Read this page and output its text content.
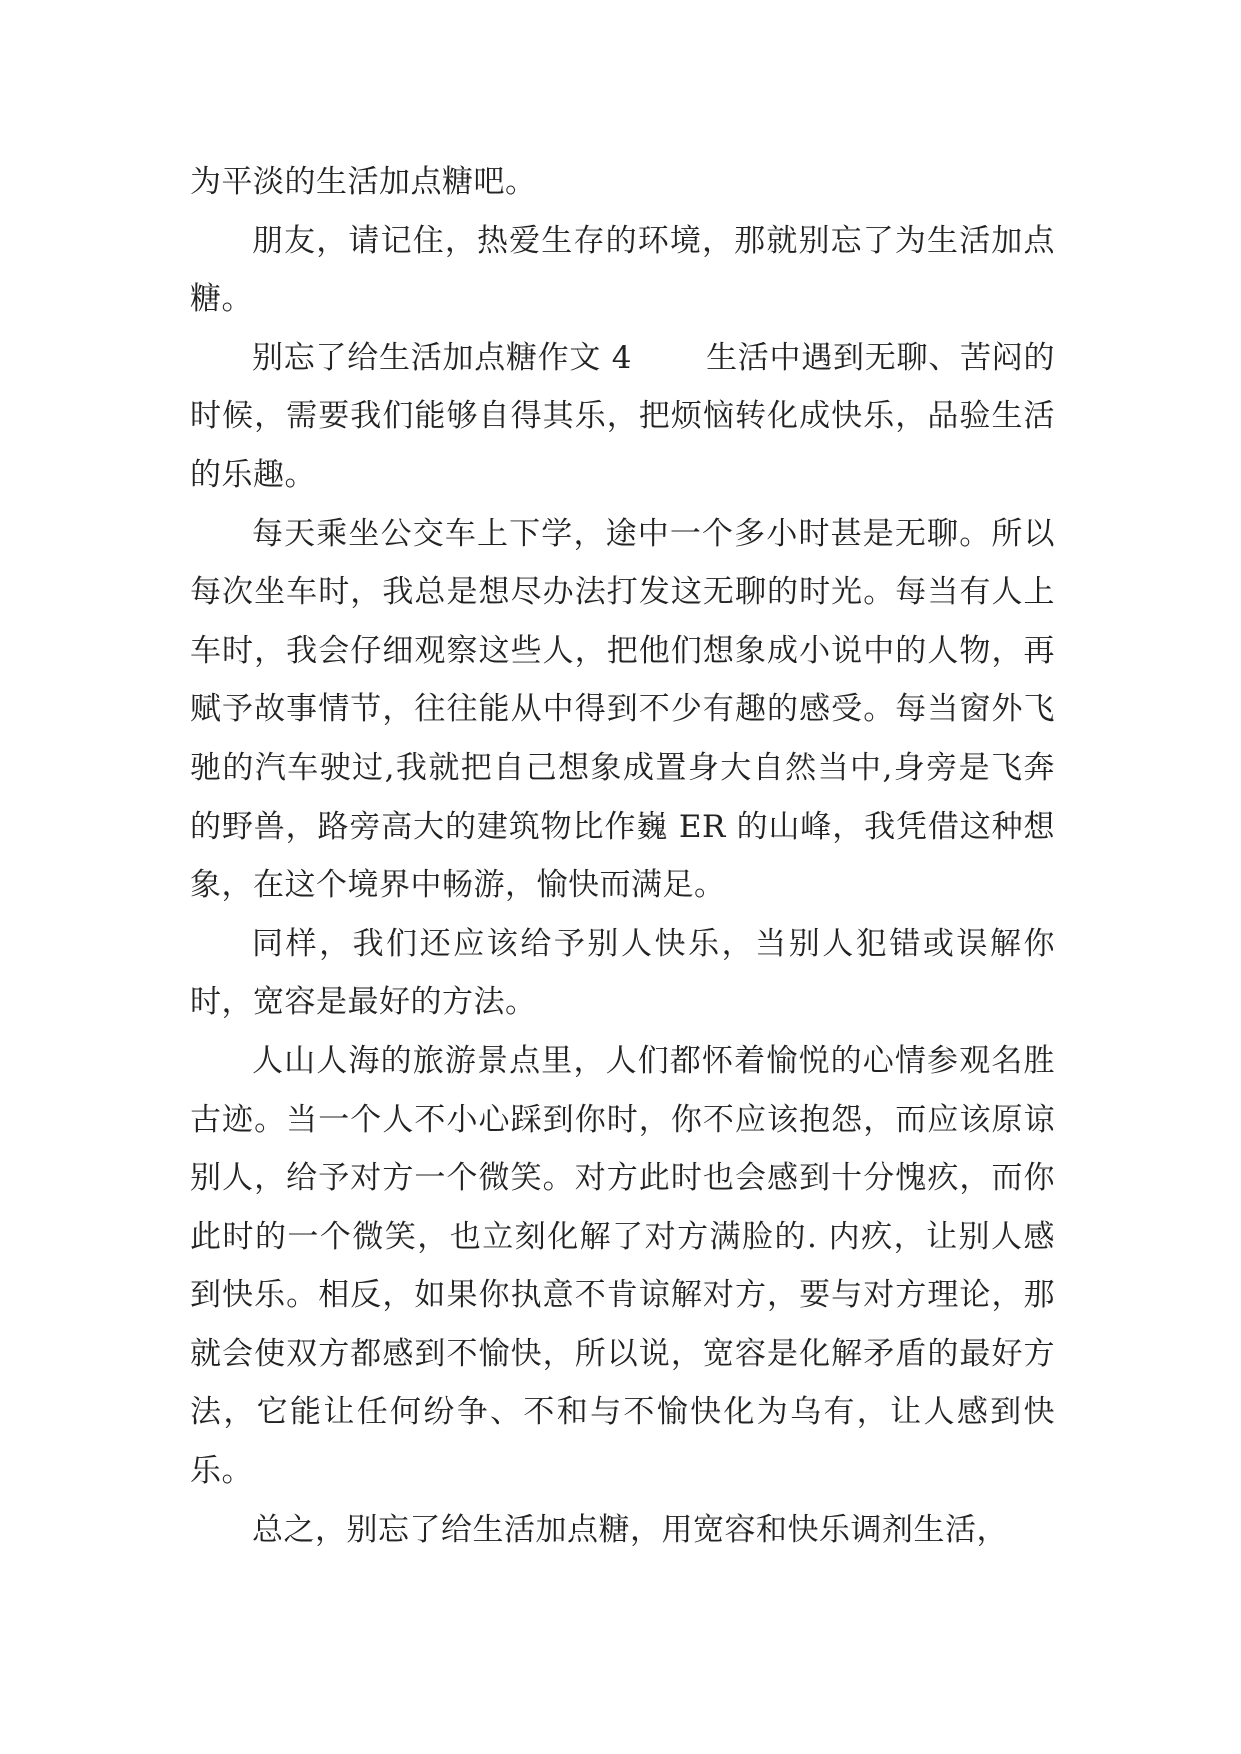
为平淡的生活加点糖吧。

朋友，请记住，热爱生存的环境，那就别忘了为生活加点糖。

别忘了给生活加点糖作文 4 　　生活中遇到无聊、苦闷的时候，需要我们能够自得其乐，把烦恼转化成快乐，品验生活的乐趣。

每天乘坐公交车上下学，途中一个多小时甚是无聊。所以每次坐车时，我总是想尽办法打发这无聊的时光。每当有人上车时，我会仔细观察这些人，把他们想象成小说中的人物，再赋予故事情节，往往能从中得到不少有趣的感受。每当窗外飞驰的汽车驶过,我就把自己想象成置身大自然当中,身旁是飞奔的野兽，路旁高大的建筑物比作巍 ER 的山峰，我凭借这种想象，在这个境界中畅游，愉快而满足。

同样，我们还应该给予别人快乐，当别人犯错或误解你时，宽容是最好的方法。

人山人海的旅游景点里，人们都怀着愉悦的心情参观名胜古迹。当一个人不小心踩到你时，你不应该抱怨，而应该原谅别人，给予对方一个微笑。对方此时也会感到十分愧疚，而你此时的一个微笑，也立刻化解了对方满脸的. 内疚，让别人感到快乐。相反，如果你执意不肯谅解对方，要与对方理论，那就会使双方都感到不愉快，所以说，宽容是化解矛盾的最好方法，它能让任何纷争、不和与不愉快化为乌有，让人感到快乐。

总之，别忘了给生活加点糖，用宽容和快乐调剂生活，
